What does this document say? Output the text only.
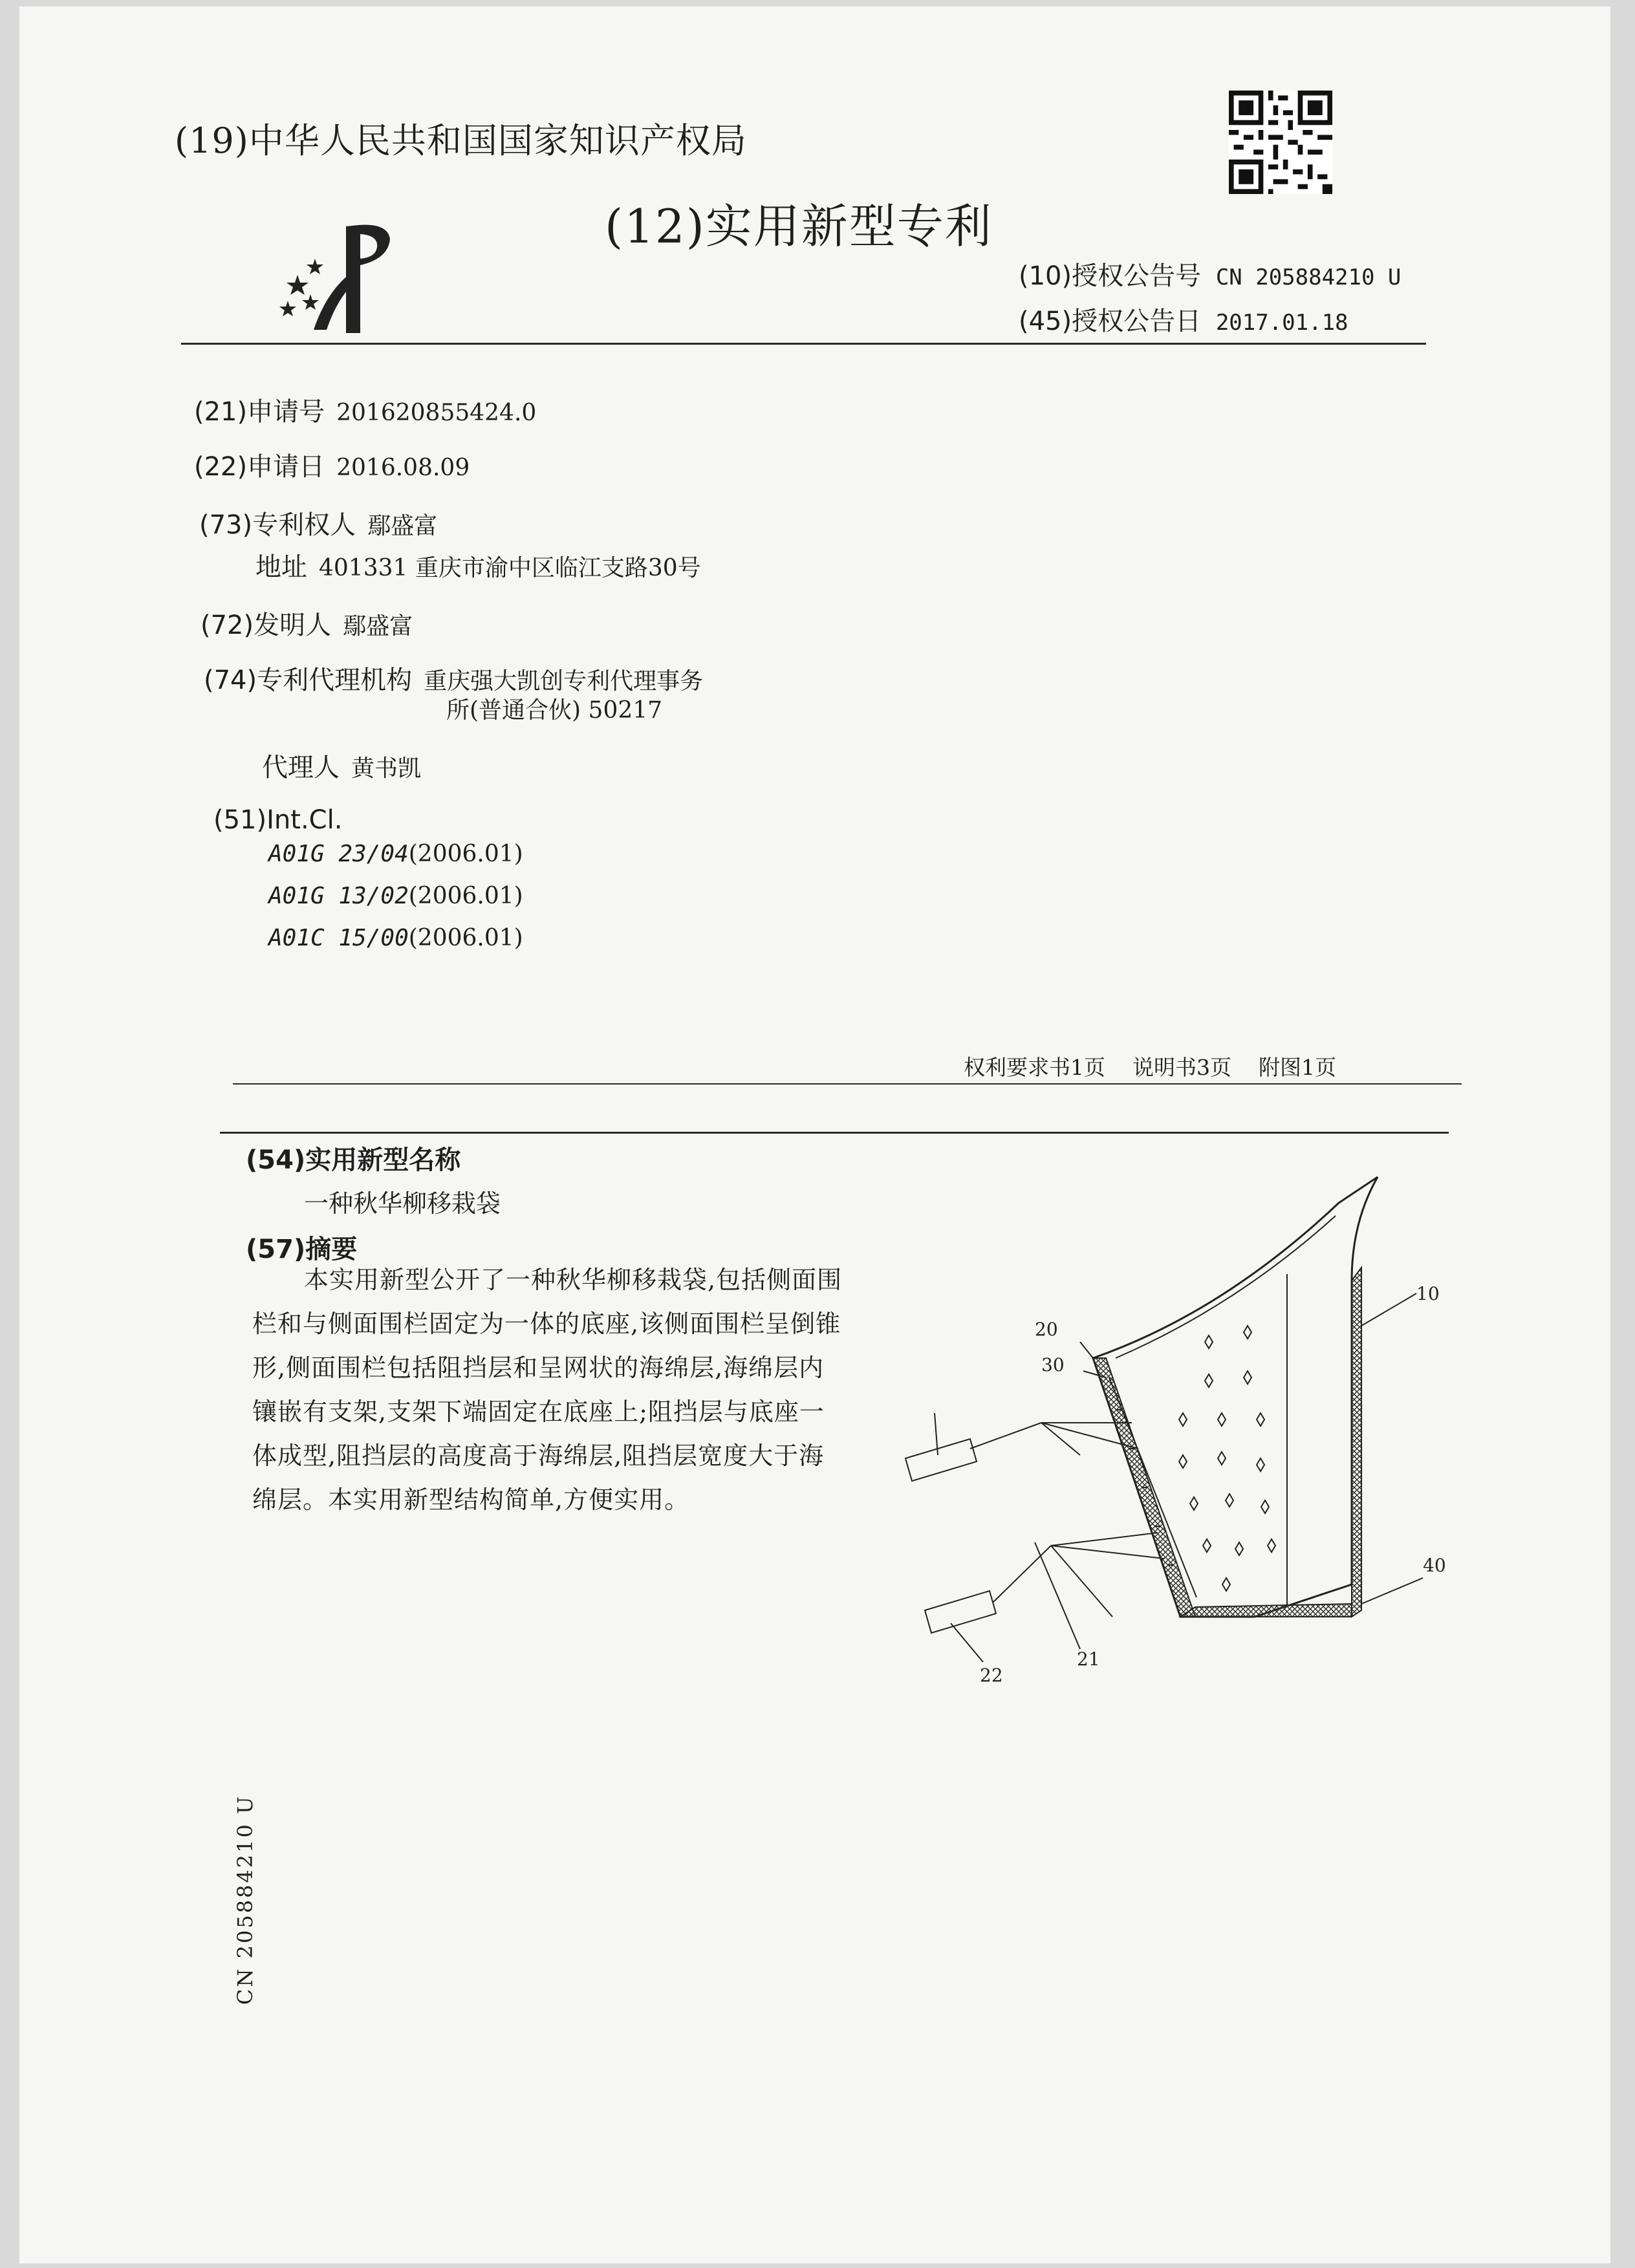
(19)中华人民共和国国家知识产权局
(12)实用新型专利
(10)授权公告号 CN 205884210 U
(45)授权公告日 2017.01.18
(21)申请号 201620855424.0
(22)申请日 2016.08.09
(73)专利权人 鄢盛富
地址 401331 重庆市渝中区临江支路30号
(72)发明人 鄢盛富
(74)专利代理机构 重庆强大凯创专利代理事务
所(普通合伙) 50217
代理人 黄书凯
(51)Int.Cl.
A01G 23/04(2006.01)
A01G 13/02(2006.01)
A01C 15/00(2006.01)
权利要求书1页 说明书3页 附图1页
(54)实用新型名称
一种秋华柳移栽袋
(57)摘要
本实用新型公开了一种秋华柳移栽袋,包括侧面围栏和与侧面围栏固定为一体的底座,该侧面围栏呈倒锥形,侧面围栏包括阻挡层和呈网状的海绵层,海绵层内镶嵌有支架,支架下端固定在底座上;阻挡层与底座一体成型,阻挡层的高度高于海绵层,阻挡层宽度大于海绵层。本实用新型结构简单,方便实用。
10
20
30
40
21
22
CN 205884210 U
